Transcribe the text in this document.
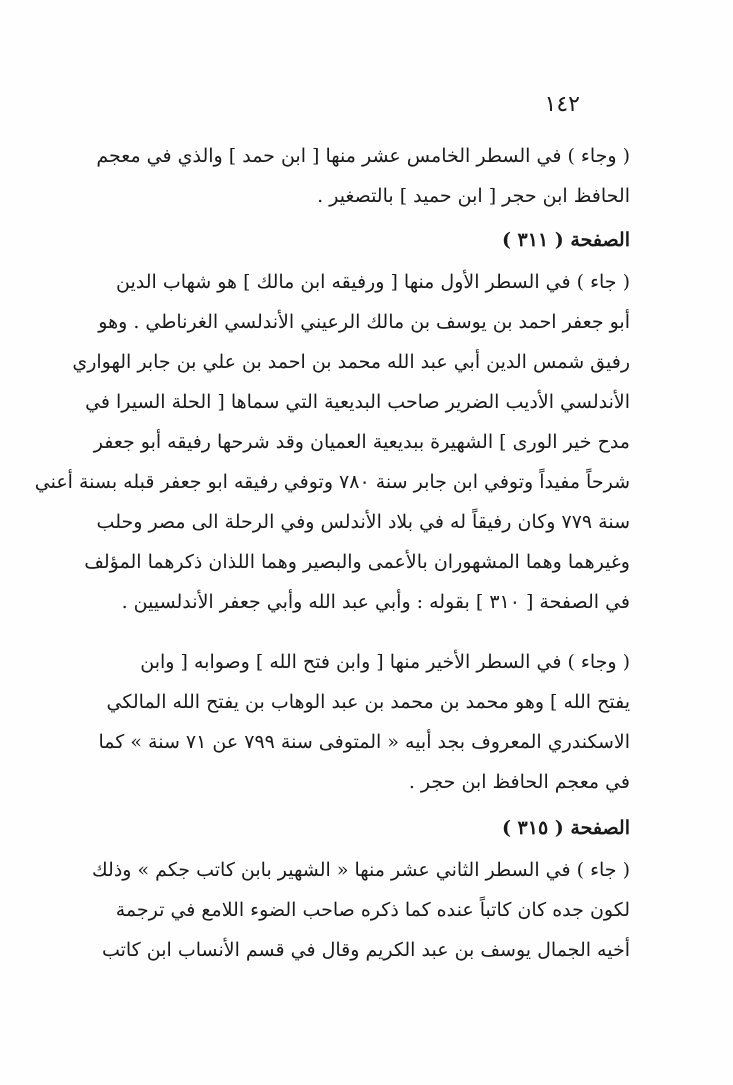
١٤٢
( وجاء ) في السطر الخامس عشر منها [ ابن حمد ] والذي في معجم
الحافظ ابن حجر [ ابن حميد ] بالتصغير .
الصفحة ( ٣١١ )
( جاء ) في السطر الأول منها [ ورفيقه ابن مالك ] هو شهاب الدين
أبو جعفر احمد بن يوسف بن مالك الرعيني الأندلسي الغرناطي . وهو
رفيق شمس الدين أبي عبد الله محمد بن احمد بن علي بن جابر الهواري
الأندلسي الأديب الضرير صاحب البديعية التي سماها [ الحلة السيرا في
مدح خير الورى ] الشهيرة ببديعية العميان وقد شرحها رفيقه أبو جعفر
شرحاً مفيداً وتوفي ابن جابر سنة ٧٨٠ وتوفي رفيقه ابو جعفر قبله بسنة أعني
سنة ٧٧٩ وكان رفيقاً له في بلاد الأندلس وفي الرحلة الى مصر وحلب
وغيرهما وهما المشهوران بالأعمى والبصير وهما اللذان ذكرهما المؤلف
في الصفحة [ ٣١٠ ] بقوله : وأبي عبد الله وأبي جعفر الأندلسيين .
( وجاء ) في السطر الأخير منها [ وابن فتح الله ] وصوابه [ وابن
يفتح الله ] وهو محمد بن محمد بن عبد الوهاب بن يفتح الله المالكي
الاسكندري المعروف بجد أبيه « المتوفى سنة ٧٩٩ عن ٧١ سنة » كما
في معجم الحافظ ابن حجر .
الصفحة ( ٣١٥ )
( جاء ) في السطر الثاني عشر منها « الشهير بابن كاتب جكم » وذلك
لكون جده كان كاتباً عنده كما ذكره صاحب الضوء اللامع في ترجمة
أخيه الجمال يوسف بن عبد الكريم وقال في قسم الأنساب ابن كاتب
